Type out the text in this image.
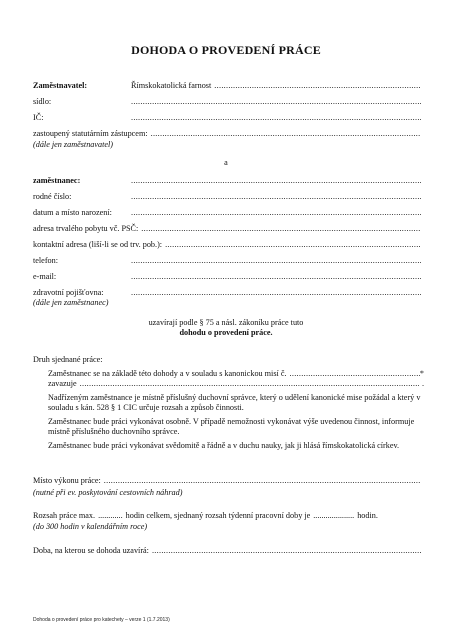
DOHODA O PROVEDENÍ PRÁCE
Zaměstnavatel:	Římskokatolická farnost
.....
sídlo:
.....
IČ:
.....
zastoupený statutárním zástupcem:
.....
(dále jen zaměstnavatel)
a
zaměstnanec:
.....
rodné číslo:
.....
datum a místo narození:
.....
adresa trvalého pobytu vč. PSČ:
.....
kontaktní adresa (liší-li se od trv. pob.):
.....
telefon:
.....
e-mail:
.....
zdravotní pojišťovna:
.....
(dále jen zaměstnanec)
uzavírají podle § 75 a násl. zákoníku práce tuto
dohodu o provedení práce.
Druh sjednané práce:
Zaměstnanec se na základě této dohody a v souladu s kanonickou misí č. .....	*
zavazuje .....	.
Nadřízeným zaměstnance je místně příslušný duchovní správce, který o udělení kanonické mise požádal a který v souladu s kán. 528 § 1 CIC určuje rozsah a způsob činnosti.
Zaměstnanec bude práci vykonávat osobně. V případě nemožnosti vykonávat výše uvedenou činnost, informuje místně příslušného duchovního správce.
Zaměstnanec bude práci vykonávat svědomitě a řádně a v duchu nauky, jak ji hlásá římskokatolická církev.
Místo výkonu práce:
.....
(nutné při ev. poskytování cestovních náhrad)
Rozsah práce max. ............ hodin celkem, sjednaný rozsah týdenní pracovní doby je .................... hodin.
(do 300 hodin v kalendářním roce)
Doba, na kterou se dohoda uzavírá:
.....
Dohoda o provedení práce pro katechety – verze 1 (1.7.2013)
